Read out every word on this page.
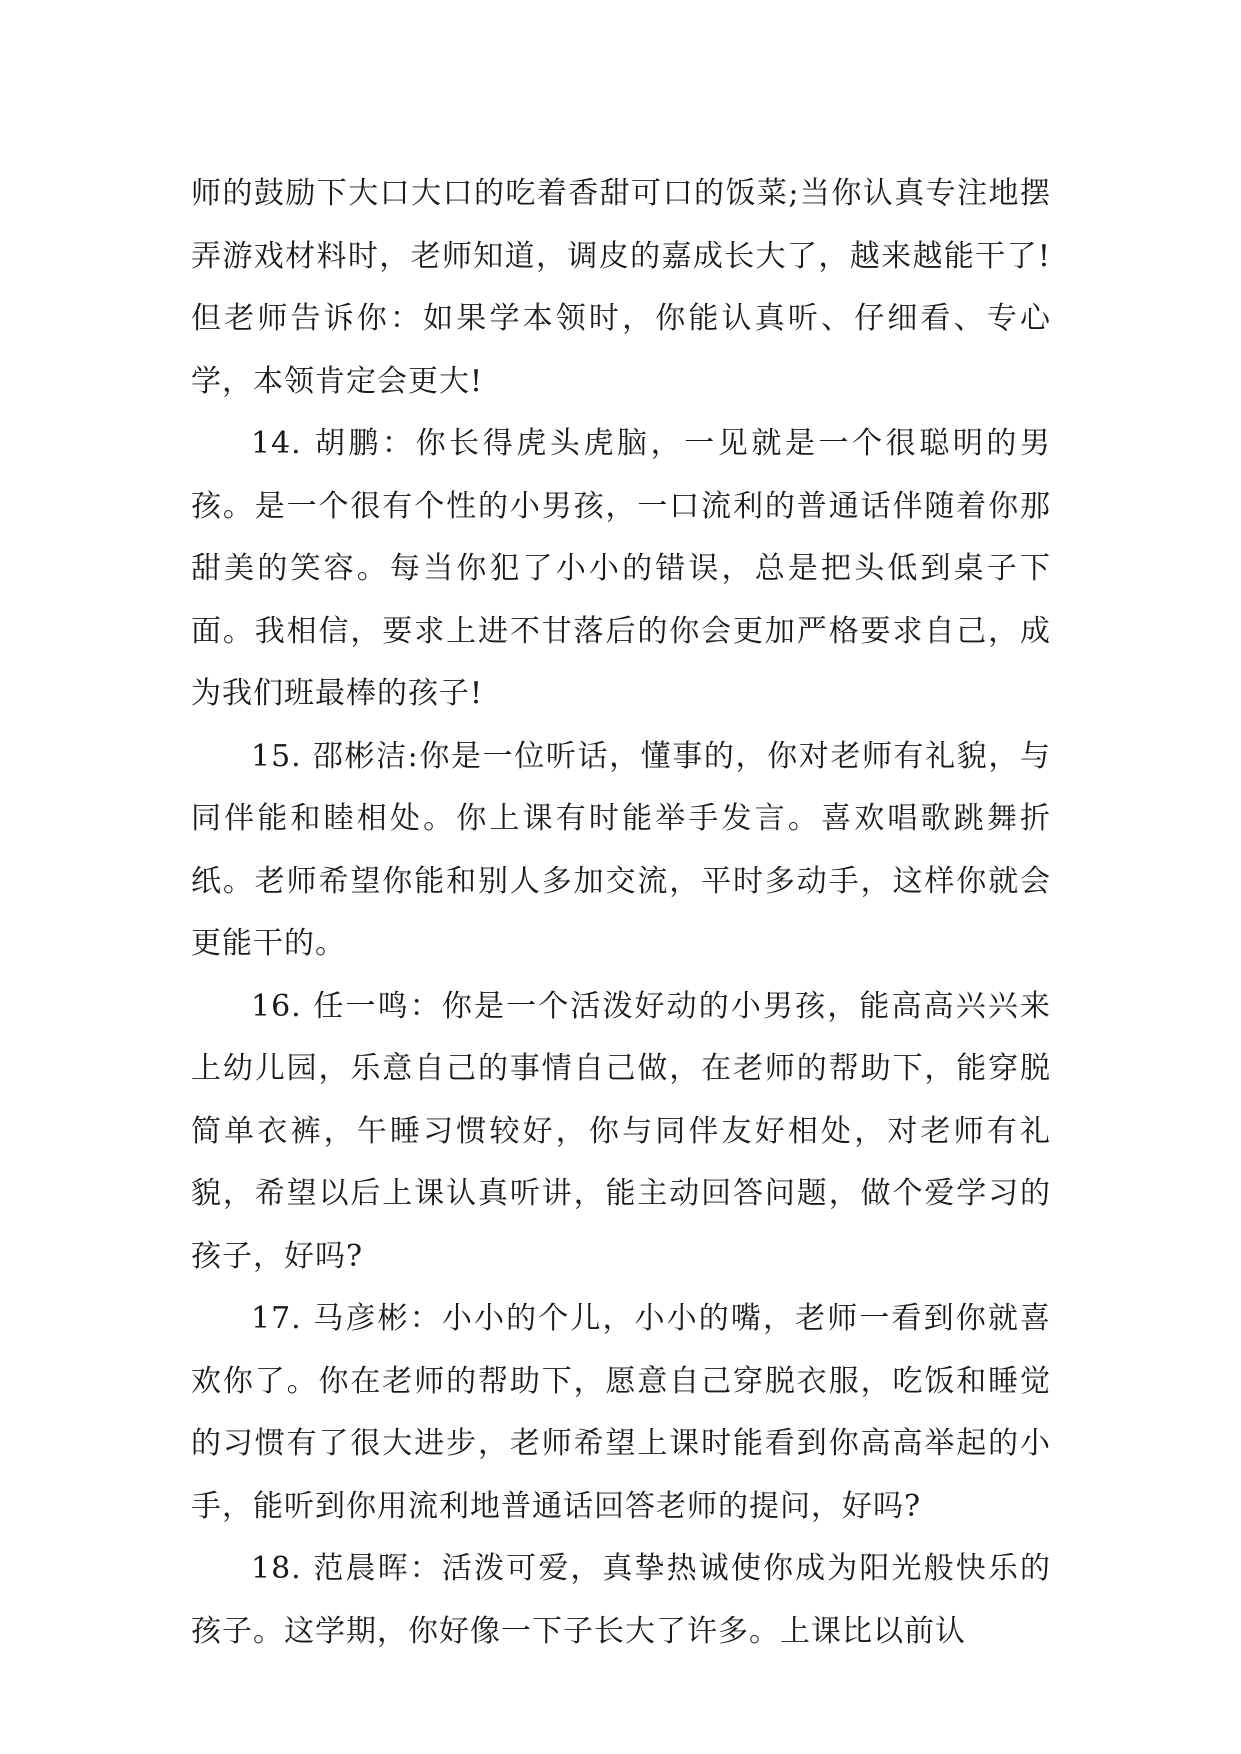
师的鼓励下大口大口的吃着香甜可口的饭菜;当你认真专注地摆弄游戏材料时，老师知道，调皮的嘉成长大了，越来越能干了!但老师告诉你：如果学本领时，你能认真听、仔细看、专心学，本领肯定会更大!

14. 胡鹏：你长得虎头虎脑，一见就是一个很聪明的男孩。是一个很有个性的小男孩，一口流利的普通话伴随着你那甜美的笑容。每当你犯了小小的错误，总是把头低到桌子下面。我相信，要求上进不甘落后的你会更加严格要求自己，成为我们班最棒的孩子!

15. 邵彬洁:你是一位听话，懂事的，你对老师有礼貌，与同伴能和睦相处。你上课有时能举手发言。喜欢唱歌跳舞折纸。老师希望你能和别人多加交流，平时多动手，这样你就会更能干的。

16. 任一鸣：你是一个活泼好动的小男孩，能高高兴兴来上幼儿园，乐意自己的事情自己做，在老师的帮助下，能穿脱简单衣裤，午睡习惯较好，你与同伴友好相处，对老师有礼貌，希望以后上课认真听讲，能主动回答问题，做个爱学习的孩子，好吗?

17. 马彦彬：小小的个儿，小小的嘴，老师一看到你就喜欢你了。你在老师的帮助下，愿意自己穿脱衣服，吃饭和睡觉的习惯有了很大进步，老师希望上课时能看到你高高举起的小手，能听到你用流利地普通话回答老师的提问，好吗?

18. 范晨晖：活泼可爱，真挚热诚使你成为阳光般快乐的孩子。这学期，你好像一下子长大了许多。上课比以前认
